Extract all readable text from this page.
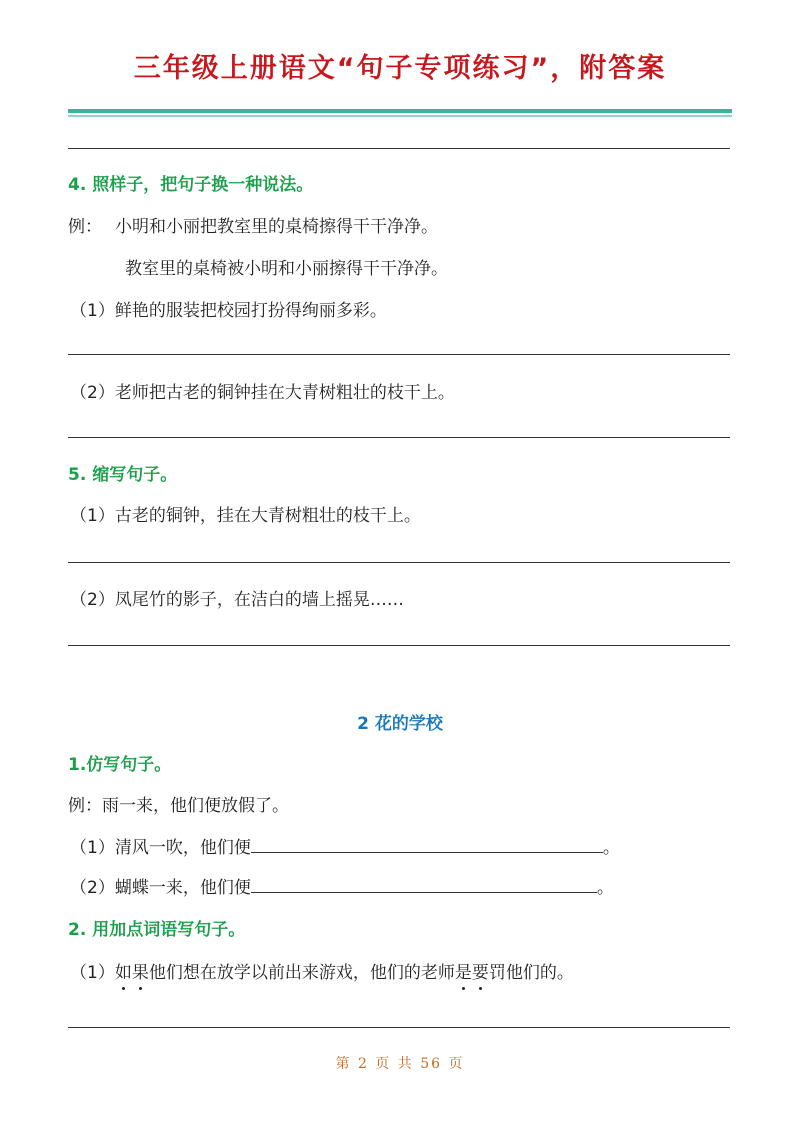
三年级上册语文“句子专项练习”，附答案
4. 照样子，把句子换一种说法。
例： 小明和小丽把教室里的桌椅擦得干干净净。
教室里的桌椅被小明和小丽擦得干干净净。
（1）鲜艳的服装把校园打扮得绚丽多彩。
（2）老师把古老的铜钟挂在大青树粗壮的枝干上。
5. 缩写句子。
（1）古老的铜钟，挂在大青树粗壮的枝干上。
（2）凤尾竹的影子，在洁白的墙上摇晃……
2 花的学校
1.仿写句子。
例：雨一来，他们便放假了。
（1）清风一吹，他们便	。
（2）蝴蝶一来，他们便	。
2. 用加点词语写句子。
（1）如果他们想在放学以前出来游戏，他们的老师是要罚他们的。
第 2 页 共 56 页
